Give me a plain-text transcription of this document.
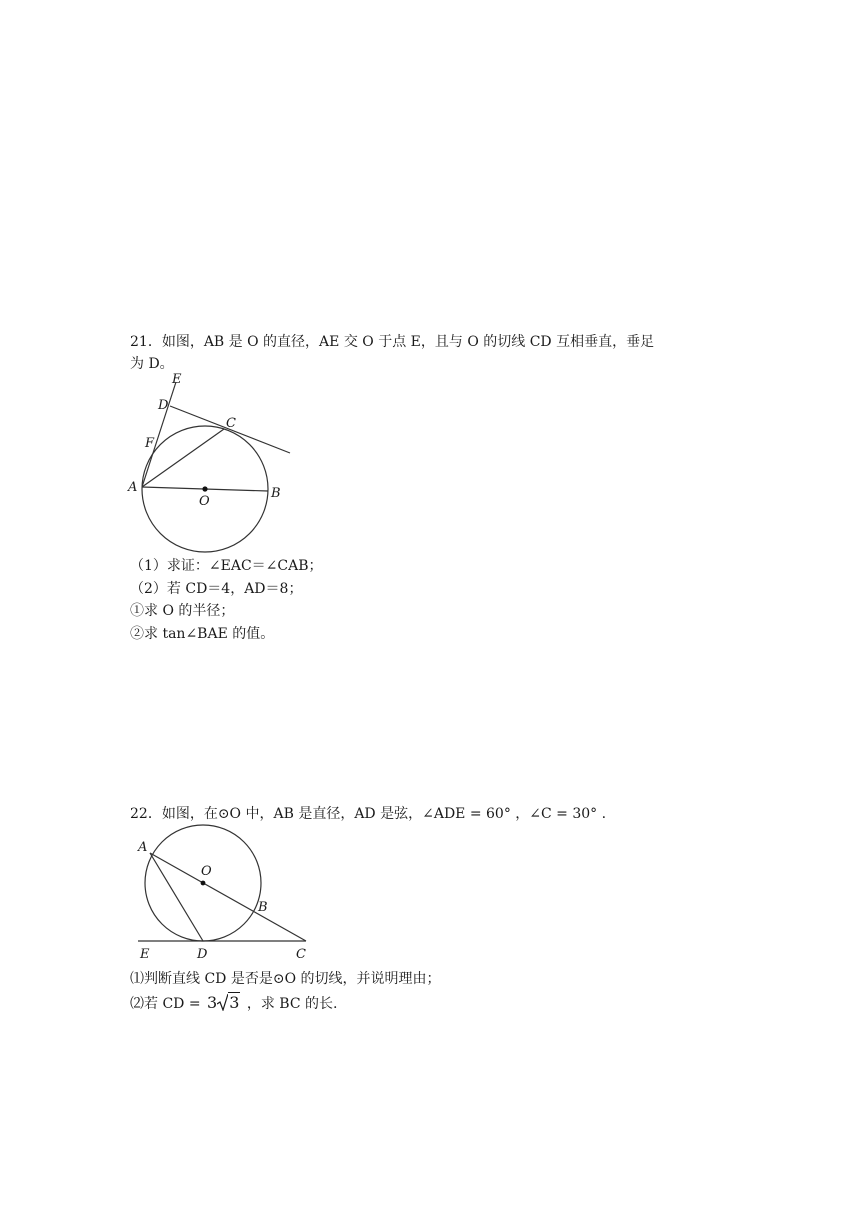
21．如图，AB 是 O 的直径，AE 交 O 于点 E，且与 O 的切线 CD 互相垂直，垂足
为 D。
E
D
C
F
A
O
B
（1）求证：∠EAC＝∠CAB；
（2）若 CD＝4，AD＝8；
①求 O 的半径；
②求 tan∠BAE 的值。
22．如图，在⊙O 中，AB 是直径，AD 是弦，∠ADE = 60° ，∠C = 30° .
A
O
B
E	D	C
⑴判断直线 CD 是否是⊙O 的切线，并说明理由；
⑵若 CD = 3 3 ，求 BC 的长.
